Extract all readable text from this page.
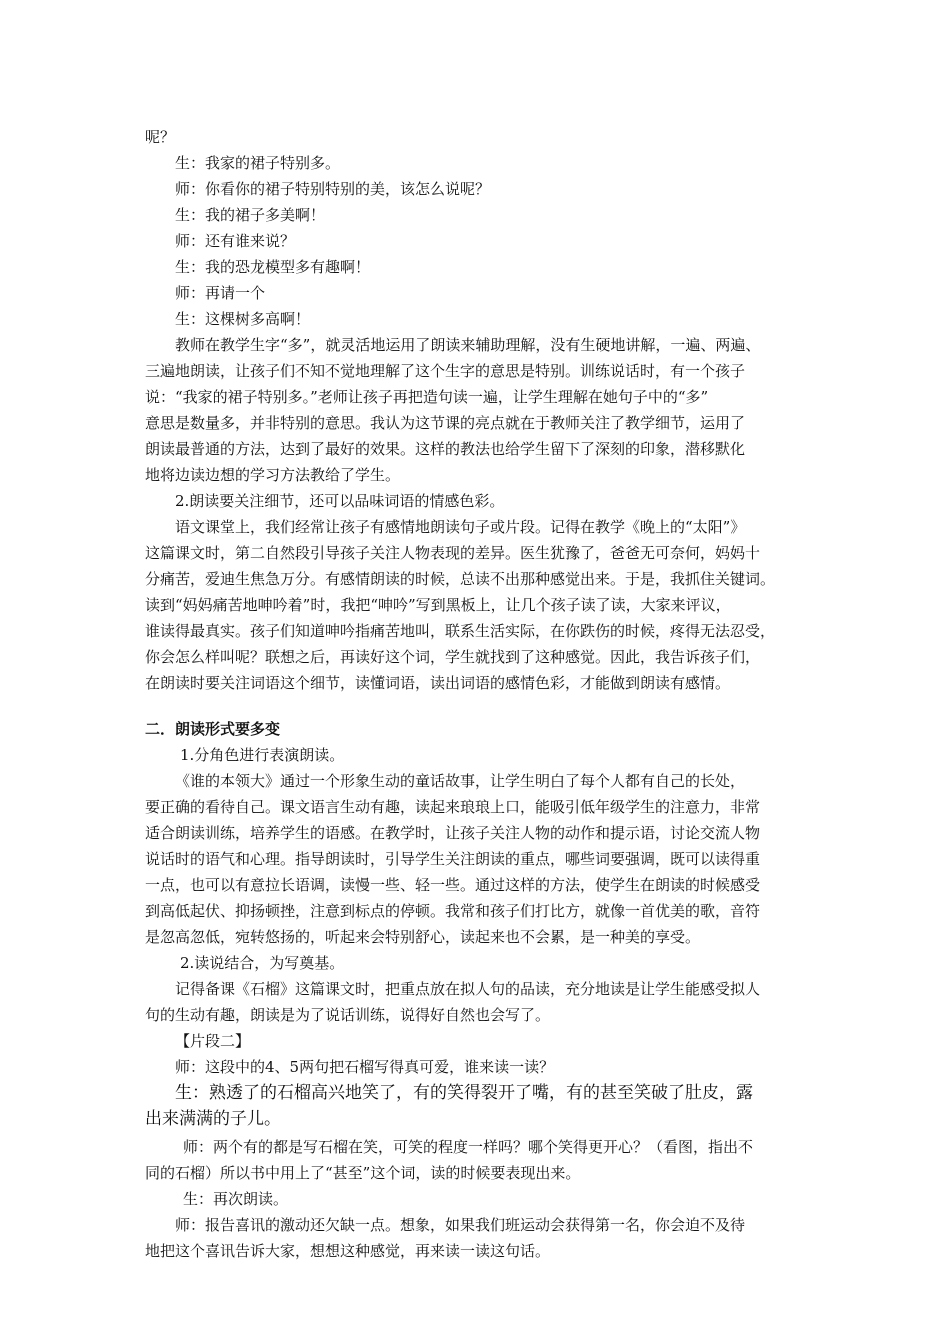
呢？
生：我家的裙子特别多。
师：你看你的裙子特别特别的美，该怎么说呢？
生：我的裙子多美啊！
师：还有谁来说？
生：我的恐龙模型多有趣啊！
师：再请一个
生：这棵树多高啊！
教师在教学生字“多”，就灵活地运用了朗读来辅助理解，没有生硬地讲解，一遍、两遍、
三遍地朗读，让孩子们不知不觉地理解了这个生字的意思是特别。训练说话时，有一个孩子
说：“我家的裙子特别多。”老师让孩子再把造句读一遍，让学生理解在她句子中的“多”
意思是数量多，并非特别的意思。我认为这节课的亮点就在于教师关注了教学细节，运用了
朗读最普通的方法，达到了最好的效果。这样的教法也给学生留下了深刻的印象，潜移默化
地将边读边想的学习方法教给了学生。
2.朗读要关注细节，还可以品味词语的情感色彩。
语文课堂上，我们经常让孩子有感情地朗读句子或片段。记得在教学《晚上的“太阳”》
这篇课文时，第二自然段引导孩子关注人物表现的差异。医生犹豫了，爸爸无可奈何，妈妈十
分痛苦，爱迪生焦急万分。有感情朗读的时候，总读不出那种感觉出来。于是，我抓住关键词。
读到“妈妈痛苦地呻吟着”时，我把“呻吟”写到黑板上，让几个孩子读了读，大家来评议，
谁读得最真实。孩子们知道呻吟指痛苦地叫，联系生活实际，在你跌伤的时候，疼得无法忍受，
你会怎么样叫呢？联想之后，再读好这个词，学生就找到了这种感觉。因此，我告诉孩子们，
在朗读时要关注词语这个细节，读懂词语，读出词语的感情色彩，才能做到朗读有感情。
二．朗读形式要多变
1.分角色进行表演朗读。
《谁的本领大》通过一个形象生动的童话故事，让学生明白了每个人都有自己的长处，
要正确的看待自己。课文语言生动有趣，读起来琅琅上口，能吸引低年级学生的注意力，非常
适合朗读训练，培养学生的语感。在教学时，让孩子关注人物的动作和提示语，讨论交流人物
说话时的语气和心理。指导朗读时，引导学生关注朗读的重点，哪些词要强调，既可以读得重
一点，也可以有意拉长语调，读慢一些、轻一些。通过这样的方法，使学生在朗读的时候感受
到高低起伏、抑扬顿挫，注意到标点的停顿。我常和孩子们打比方，就像一首优美的歌，音符
是忽高忽低，宛转悠扬的，听起来会特别舒心，读起来也不会累，是一种美的享受。
2.读说结合，为写奠基。
记得备课《石榴》这篇课文时，把重点放在拟人句的品读，充分地读是让学生能感受拟人
句的生动有趣，朗读是为了说话训练，说得好自然也会写了。
【片段二】
师：这段中的4、5两句把石榴写得真可爱，谁来读一读？
生：熟透了的石榴高兴地笑了，有的笑得裂开了嘴，有的甚至笑破了肚皮，露
出来满满的子儿。
师：两个有的都是写石榴在笑，可笑的程度一样吗？哪个笑得更开心？（看图，指出不
同的石榴）所以书中用上了“甚至”这个词，读的时候要表现出来。
生：再次朗读。
师：报告喜讯的激动还欠缺一点。想象，如果我们班运动会获得第一名，你会迫不及待
地把这个喜讯告诉大家，想想这种感觉，再来读一读这句话。
